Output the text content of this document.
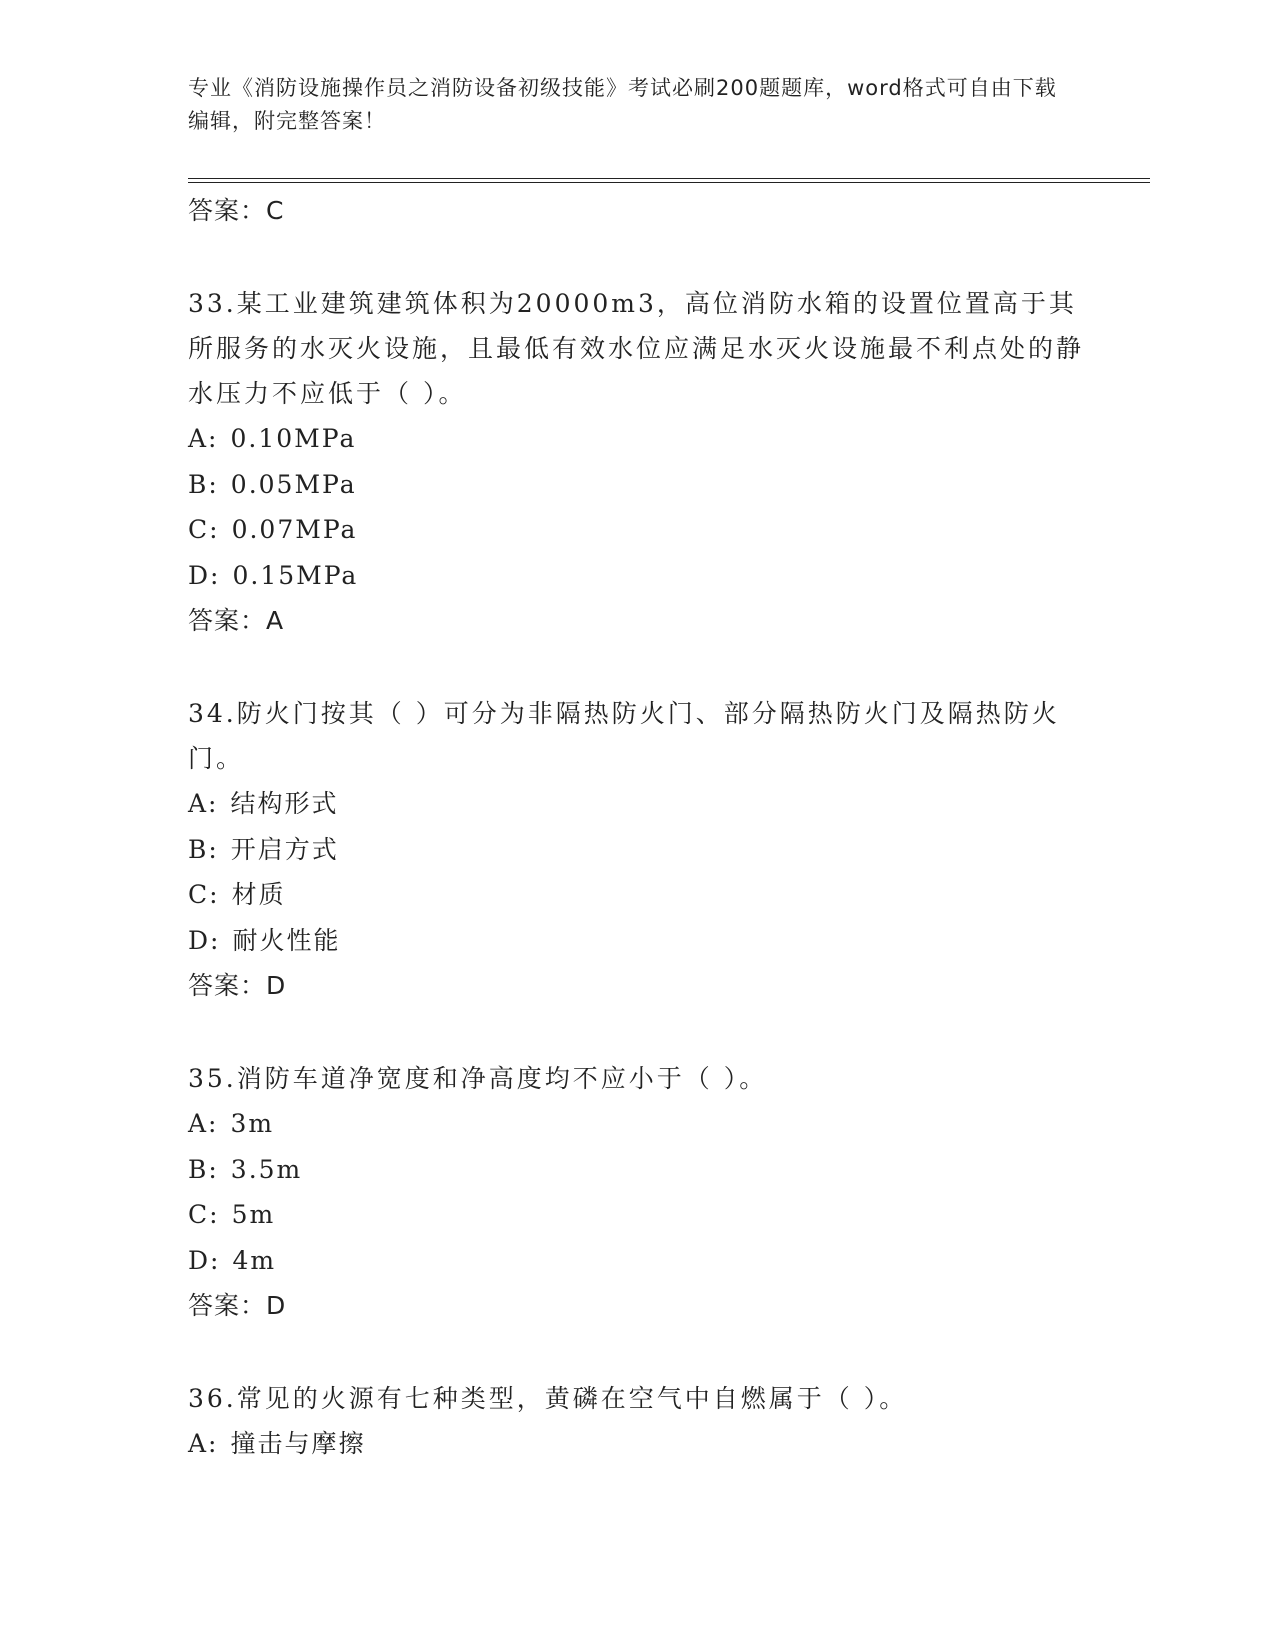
专业《消防设施操作员之消防设备初级技能》考试必刷200题题库，word格式可自由下载编辑，附完整答案！
答案：C

33.某工业建筑建筑体积为20000m3，高位消防水箱的设置位置高于其所服务的水灭火设施，且最低有效水位应满足水灭火设施最不利点处的静水压力不应低于（ ）。

A: 0.10MPa
B: 0.05MPa
C: 0.07MPa
D: 0.15MPa
答案：A

34.防火门按其（ ）可分为非隔热防火门、部分隔热防火门及隔热防火门。

A: 结构形式
B: 开启方式
C: 材质
D: 耐火性能
答案：D

35.消防车道净宽度和净高度均不应小于（ ）。

A: 3m
B: 3.5m
C: 5m
D: 4m
答案：D

36.常见的火源有七种类型，黄磷在空气中自燃属于（ ）。

A: 撞击与摩擦
